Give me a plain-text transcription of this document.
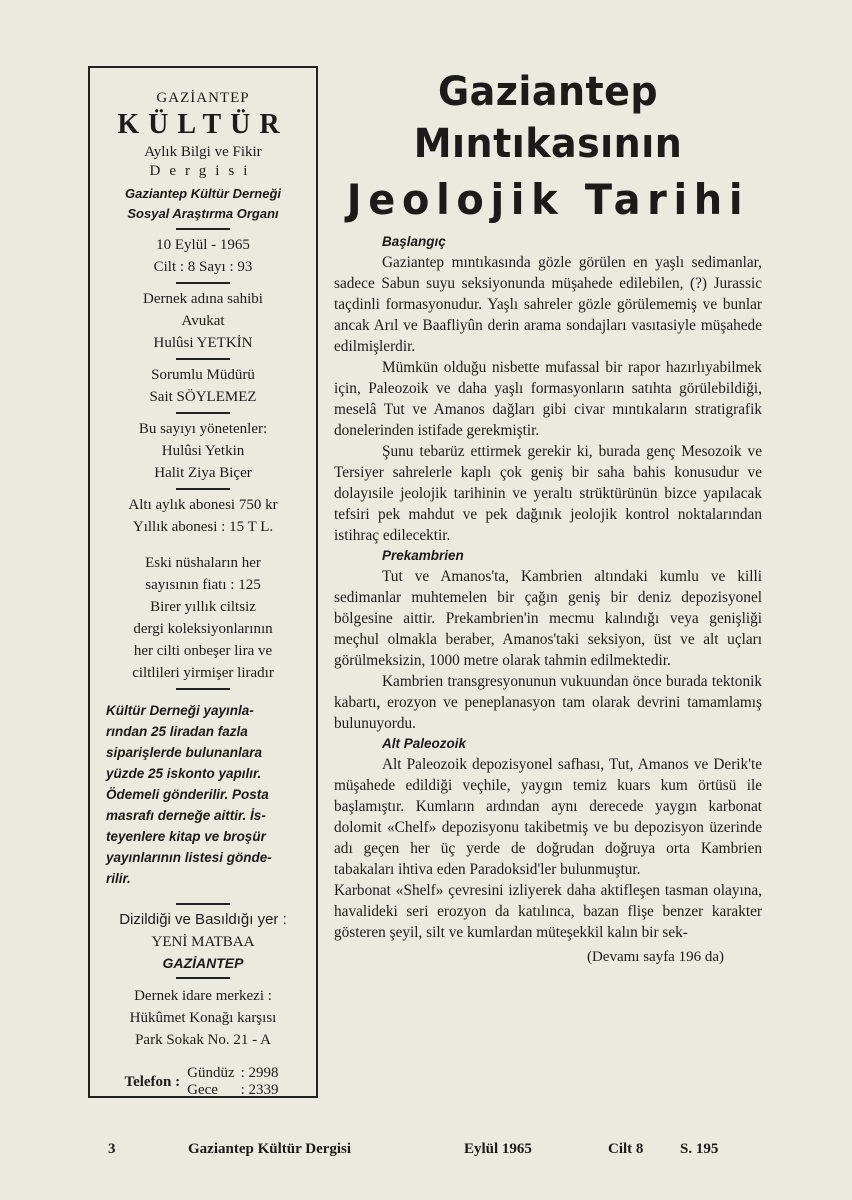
GAZİANTEP

KÜLTÜR

Aylık Bilgi ve Fikir

Dergisi

Gaziantep Kültür Derneği

Sosyal Araştırma Organı

10 Eylül - 1965

Cilt : 8 Sayı : 93

Dernek adına sahibi

Avukat

Hulûsi YETKİN

Sorumlu Müdürü

Sait SÖYLEMEZ

Bu sayıyı yönetenler:

Hulûsi Yetkin

Halit Ziya Biçer

Altı aylık abonesi 750 kr

Yıllık abonesi : 15 T L.

Eski nüshaların her

sayısının fiatı : 125

Birer yıllık ciltsiz

dergi koleksiyonlarının

her cilti onbeşer lira ve

ciltlileri yirmişer liradır

Kültür Derneği yayınla-

rından 25 liradan fazla

siparişlerde bulunanlara

yüzde 25 iskonto yapılır.

Ödemeli gönderilir. Posta

masrafı derneğe aittir. İs-

teyenlere kitap ve broşür

yayınlarının listesi gönde-

rilir.

Dizildiği ve Basıldığı yer :

YENİ MATBAA

GAZİANTEP

Dernek idare merkezi :

Hükûmet Konağı karşısı

Park Sokak No. 21 - A

Telefon :
Gündüz	: 2998
Gece	: 2339
Gaziantep Mıntıkasının
Jeolojik Tarihi

Başlangıç

Gaziantep mıntıkasında gözle görülen en yaşlı sedimanlar, sadece Sabun suyu seksiyonunda müşahede edilebilen, (?) Jurassic taçdinli formasyonudur. Yaşlı sahreler gözle görülememiş ve bunlar ancak Arıl ve Baafliyûn derin arama sondajları vasıtasiyle müşahede edilmişlerdir.

Mümkün olduğu nisbette mufassal bir rapor hazırlıyabilmek için, Paleozoik ve daha yaşlı formasyonların satıhta görülebildiği, meselâ Tut ve Amanos dağları gibi civar mıntıkaların stratigrafik donelerinden istifade gerekmiştir.

Şunu tebarüz ettirmek gerekir ki, burada genç Mesozoik ve Tersiyer sahrelerle kaplı çok geniş bir saha bahis konusudur ve dolayısile jeolojik tarihinin ve yeraltı strüktürünün bizce yapılacak tefsiri pek mahdut ve pek dağınık jeolojik kontrol noktalarından istihraç edilecektir.

Prekambrien

Tut ve Amanos'ta, Kambrien altındaki kumlu ve killi sedimanlar muhtemelen bir çağın geniş bir deniz depozisyonel bölgesine aittir. Prekambrien'in mecmu kalındığı veya genişliği meçhul olmakla beraber, Amanos'taki seksiyon, üst ve alt uçları görülmeksizin, 1000 metre olarak tahmin edilmektedir.

Kambrien transgresyonunun vukuundan önce burada tektonik kabartı, erozyon ve peneplanasyon tam olarak devrini tamamlamış bulunuyordu.

Alt Paleozoik

Alt Paleozoik depozisyonel safhası, Tut, Amanos ve Derik'te müşahede edildiği veçhile, yaygın temiz kuars kum örtüsü ile başlamıştır. Kumların ardından aynı derecede yaygın karbonat dolomit «Chelf» depozisyonu takibetmiş ve bu depozisyon üzerinde adı geçen her üç yerde de doğrudan doğruya orta Kambrien tabakaları ihtiva eden Paradoksid'ler bulunmuştur.

Karbonat «Shelf» çevresini izliyerek daha aktifleşen tasman olayına, havalideki seri erozyon da katılınca, bazan flişe benzer karakter gösteren şeyil, silt ve kumlardan müteşekkil kalın bir sek-

(Devamı sayfa 196 da)

3	Gaziantep Kültür Dergisi	Eylül 1965	Cilt 8 S. 195
